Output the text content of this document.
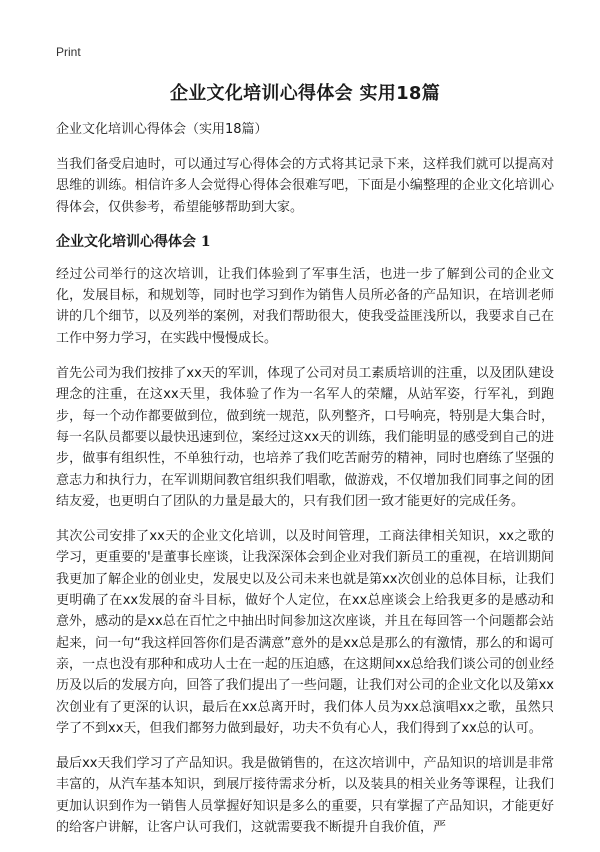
Print
企业文化培训心得体会 实用18篇

企业文化培训心得体会（实用18篇）

当我们备受启迪时，可以通过写心得体会的方式将其记录下来，这样我们就可以提高对思维的训练。相信许多人会觉得心得体会很难写吧，下面是小编整理的企业文化培训心得体会，仅供参考，希望能够帮助到大家。

企业文化培训心得体会 1

经过公司举行的这次培训，让我们体验到了军事生活，也进一步了解到公司的企业文化，发展目标，和规划等，同时也学习到作为销售人员所必备的产品知识，在培训老师讲的几个细节，以及列举的案例，对我们帮助很大，使我受益匪浅所以，我要求自己在工作中努力学习，在实践中慢慢成长。

首先公司为我们按排了xx天的军训，体现了公司对员工素质培训的注重，以及团队建设理念的注重，在这xx天里，我体验了作为一名军人的荣耀，从站军姿，行军礼，到跑步，每一个动作都要做到位，做到统一规范，队列整齐，口号响亮，特别是大集合时，每一名队员都要以最快迅速到位，案经过这xx天的训练，我们能明显的感受到自己的进步，做事有组织性，不单独行动，也培养了我们吃苦耐劳的精神，同时也磨练了坚强的意志力和执行力，在军训期间教官组织我们唱歌，做游戏，不仅增加我们同事之间的团结友爱，也更明白了团队的力量是最大的，只有我们团一致才能更好的完成任务。

其次公司安排了xx天的企业文化培训，以及时间管理，工商法律相关知识，xx之歌的学习，更重要的'是董事长座谈，让我深深体会到企业对我们新员工的重视，在培训期间我更加了解企业的创业史，发展史以及公司未来也就是第xx次创业的总体目标，让我们更明确了在xx发展的奋斗目标，做好个人定位，在xx总座谈会上给我更多的是感动和意外，感动的是xx总在百忙之中抽出时间参加这次座谈，并且在每回答一个问题都会站起来，问一句“我这样回答你们是否满意”意外的是xx总是那么的有激情，那么的和谒可亲，一点也没有那种和成功人士在一起的压迫感，在这期间xx总给我们谈公司的创业经历及以后的发展方向，回答了我们提出了一些问题，让我们对公司的企业文化以及第xx次创业有了更深的认识，最后在xx总离开时，我们体人员为xx总演唱xx之歌，虽然只学了不到xx天，但我们都努力做到最好，功夫不负有心人，我们得到了xx总的认可。

最后xx天我们学习了产品知识。我是做销售的，在这次培训中，产品知识的培训是非常丰富的，从汽车基本知识，到展厅接待需求分析，以及装具的相关业务等课程，让我们更加认识到作为一销售人员掌握好知识是多么的重要，只有掌握了产品知识，才能更好的给客户讲解，让客户认可我们，这就需要我不断提升自我价值，严
